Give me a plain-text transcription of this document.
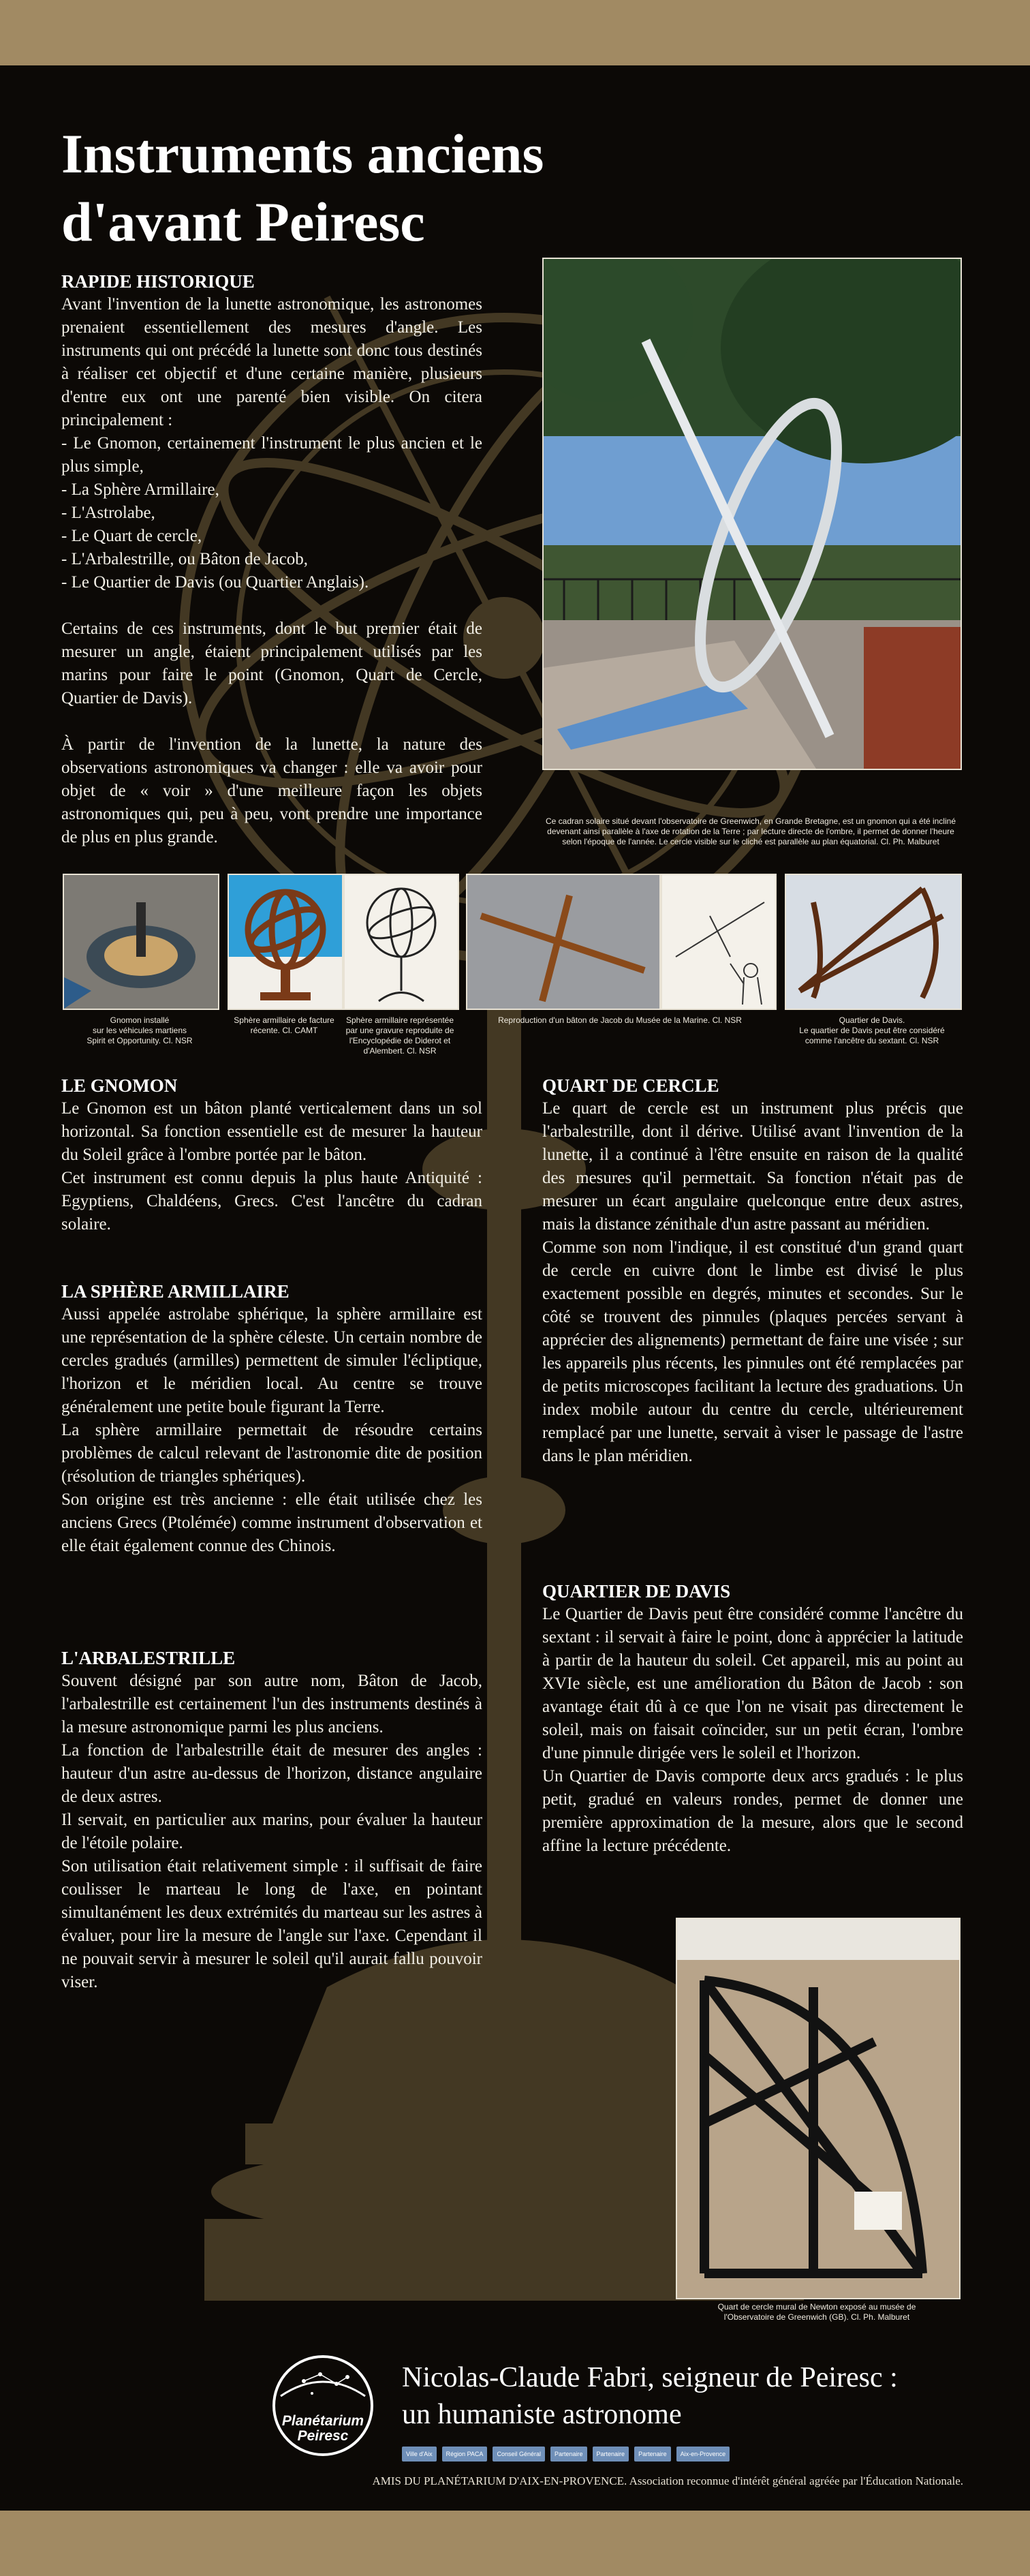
Instruments anciens d'avant Peiresc
RAPIDE HISTORIQUE

Avant l'invention de la lunette astronomique, les astronomes prenaient essentiellement des mesures d'angle. Les instruments qui ont précédé la lunette sont donc tous destinés à réaliser cet objectif et d'une certaine manière, plusieurs d'entre eux ont une parenté bien visible. On citera principalement :
- Le Gnomon, certainement l'instrument le plus ancien et le plus simple,
- La Sphère Armillaire,
- L'Astrolabe,
- Le Quart de cercle,
- L'Arbalestrille, ou Bâton de Jacob,
- Le Quartier de Davis (ou Quartier Anglais).

Certains de ces instruments, dont le but premier était de mesurer un angle, étaient principalement utilisés par les marins pour faire le point (Gnomon, Quart de Cercle, Quartier de Davis).

À partir de l'invention de la lunette, la nature des observations astronomiques va changer : elle va avoir pour objet de « voir » d'une meilleure façon les objets astronomiques qui, peu à peu, vont prendre une importance de plus en plus grande.

Ce cadran solaire situé devant l'observatoire de Greenwich, en Grande Bretagne, est un gnomon qui a été incliné devenant ainsi parallèle à l'axe de rotation de la Terre ; par lecture directe de l'ombre, il permet de donner l'heure selon l'époque de l'année. Le cercle visible sur le cliché est parallèle au plan équatorial. Cl. Ph. Malburet
Gnomon installé
sur les véhicules martiens
Spirit et Opportunity. Cl. NSR
Sphère armillaire de facture
récente. Cl. CAMT
Sphère armillaire représentée
par une gravure reproduite de
l'Encyclopédie de Diderot et
d'Alembert. Cl. NSR
Reproduction d'un bâton de Jacob du Musée de la Marine. Cl. NSR	Quartier de Davis.
Le quartier de Davis peut être considéré
comme l'ancêtre du sextant. Cl. NSR
LE GNOMON

Le Gnomon est un bâton planté verticalement dans un sol horizontal. Sa fonction essentielle est de mesurer la hauteur du Soleil grâce à l'ombre portée par le bâton.
Cet instrument est connu depuis la plus haute Antiquité : Egyptiens, Chaldéens, Grecs. C'est l'ancêtre du cadran solaire.

LA SPHÈRE ARMILLAIRE

Aussi appelée astrolabe sphérique, la sphère armillaire est une représentation de la sphère céleste. Un certain nombre de cercles gradués (armilles) permettent de simuler l'écliptique, l'horizon et le méridien local. Au centre se trouve généralement une petite boule figurant la Terre.
La sphère armillaire permettait de résoudre certains problèmes de calcul relevant de l'astronomie dite de position (résolution de triangles sphériques).
Son origine est très ancienne : elle était utilisée chez les anciens Grecs (Ptolémée) comme instrument d'observation et elle était également connue des Chinois.

L'ARBALESTRILLE

Souvent désigné par son autre nom, Bâton de Jacob, l'arbalestrille est certainement l'un des instruments destinés à la mesure astronomique parmi les plus anciens.
La fonction de l'arbalestrille était de mesurer des angles : hauteur d'un astre au-dessus de l'horizon, distance angulaire de deux astres.
Il servait, en particulier aux marins, pour évaluer la hauteur de l'étoile polaire.
Son utilisation était relativement simple : il suffisait de faire coulisser le marteau le long de l'axe, en pointant simultanément les deux extrémités du marteau sur les astres à évaluer, pour lire la mesure de l'angle sur l'axe. Cependant il ne pouvait servir à mesurer le soleil qu'il aurait fallu pouvoir viser.

QUART DE CERCLE

Le quart de cercle est un instrument plus précis que l'arbalestrille, dont il dérive. Utilisé avant l'invention de la lunette, il a continué à l'être ensuite en raison de la qualité des mesures qu'il permettait. Sa fonction n'était pas de mesurer un écart angulaire quelconque entre deux astres, mais la distance zénithale d'un astre passant au méridien.
Comme son nom l'indique, il est constitué d'un grand quart de cercle en cuivre dont le limbe est divisé le plus exactement possible en degrés, minutes et secondes. Sur le côté se trouvent des pinnules (plaques percées servant à apprécier des alignements) permettant de faire une visée ; sur les appareils plus récents, les pinnules ont été remplacées par de petits microscopes facilitant la lecture des graduations. Un index mobile autour du centre du cercle, ultérieurement remplacé par une lunette, servait à viser le passage de l'astre dans le plan méridien.

QUARTIER DE DAVIS

Le Quartier de Davis peut être considéré comme l'ancêtre du sextant : il servait à faire le point, donc à apprécier la latitude à partir de la hauteur du soleil. Cet appareil, mis au point au XVIe siècle, est une amélioration du Bâton de Jacob : son avantage était dû à ce que l'on ne visait pas directement le soleil, mais on faisait coïncider, sur un petit écran, l'ombre d'une pinnule dirigée vers le soleil et l'horizon.
Un Quartier de Davis comporte deux arcs gradués : le plus petit, gradué en valeurs rondes, permet de donner une première approximation de la mesure, alors que le second affine la lecture précédente.

Quart de cercle mural de Newton exposé au musée de
l'Observatoire de Greenwich (GB). Cl. Ph. Malburet
Planétarium
Peiresc
Nicolas-Claude Fabri, seigneur de Peiresc :
un humaniste astronome
Ville d'Aix	Région PACA	Conseil Général	Partenaire	Partenaire	Partenaire	Aix-en-Provence
AMIS DU PLANÉTARIUM D'AIX-EN-PROVENCE. Association reconnue d'intérêt général agréée par l'Éducation Nationale.
